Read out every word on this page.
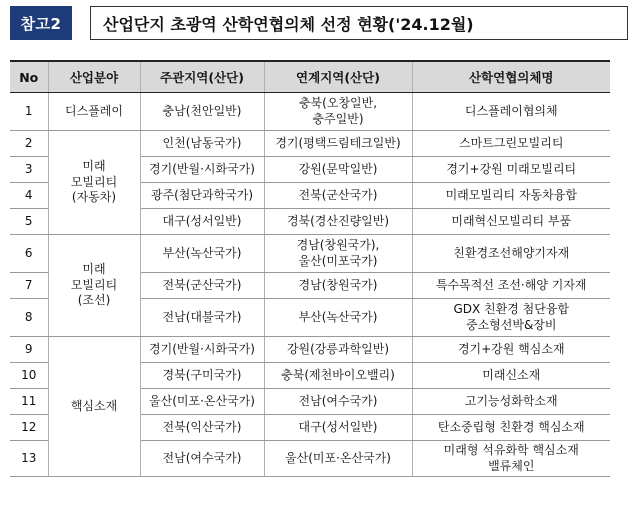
참고2	산업단지 초광역 산학연협의체 선정 현황('24.12월)
No	산업분야	주관지역(산단)	연계지역(산단)	산학연협의체명
1	디스플레이	충남(천안일반)	충북(오창일반,
충주일반)	디스플레이협의체
2	미래
모빌리티
(자동차)	인천(남동국가)	경기(평택드림테크일반)	스마트그린모빌리티
3		경기(반월·시화국가)	강원(문막일반)	경기+강원 미래모빌리티
4		광주(첨단과학국가)	전북(군산국가)	미래모빌리티 자동차융합
5		대구(성서일반)	경북(경산진량일반)	미래혁신모빌리티 부품
6	미래
모빌리티
(조선)	부산(녹산국가)	경남(창원국가),
울산(미포국가)	친환경조선해양기자재
7		전북(군산국가)	경남(창원국가)	특수목적선 조선·해양 기자재
8		전남(대불국가)	부산(녹산국가)	GDX 친환경 첨단융합
중소형선박&장비
9	핵심소재	경기(반월·시화국가)	강원(강릉과학일반)	경기+강원 핵심소재
10		경북(구미국가)	충북(제천바이오밸리)	미래신소재
11		울산(미포·온산국가)	전남(여수국가)	고기능성화학소재
12		전북(익산국가)	대구(성서일반)	탄소중립형 친환경 핵심소재
13		전남(여수국가)	울산(미포·온산국가)	미래형 석유화학 핵심소재
밸류체인
